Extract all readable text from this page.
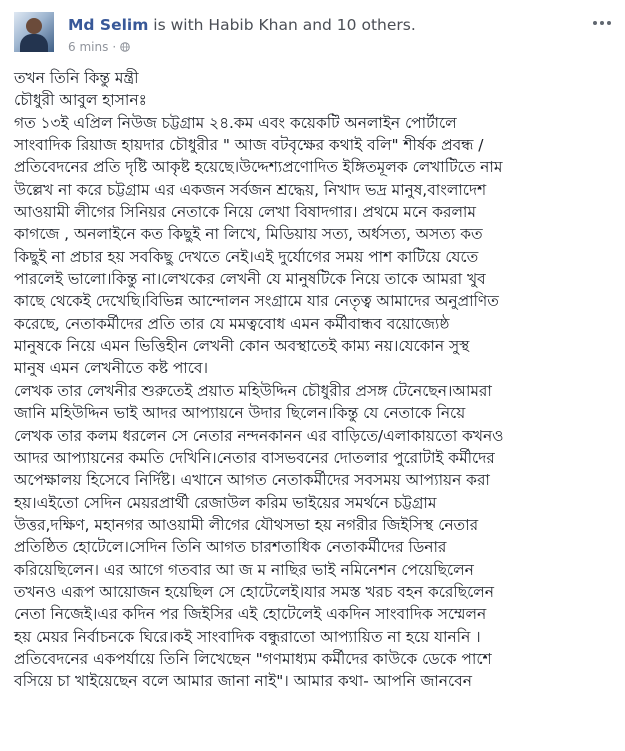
Md Selim is with Habib Khan and 10 others.
6 mins ·

তখন তিনি কিন্তু মন্ত্রী

চৌধুরী আবুল হাসানঃ

গত ১৩ই এপ্রিল নিউজ চট্টগ্রাম ২৪.কম এবং কয়েকটি অনলাইন পোর্টালে

সাংবাদিক রিয়াজ হায়দার চৌধুরীর " আজ বটবৃক্ষের কথাই বলি" শীর্ষক প্রবন্ধ /

প্রতিবেদনের প্রতি দৃষ্টি আকৃষ্ট হয়েছে।উদ্দেশ্যপ্রণোদিত ইঙ্গিতমূলক লেখাটিতে নাম

উল্লেখ না করে চট্টগ্রাম এর একজন সর্বজন শ্রদ্ধেয়, নিখাদ ভদ্র মানুষ,বাংলাদেশ

আওয়ামী লীগের সিনিয়র নেতাকে নিয়ে লেখা বিষাদগার। প্রথমে মনে করলাম

কাগজে , অনলাইনে কত কিছুই না লিখে, মিডিয়ায় সত্য, অর্ধসত্য, অসত্য কত

কিছুই না প্রচার হয় সবকিছু দেখতে নেই।এই দুর্যোগের সময় পাশ কাটিয়ে যেতে

পারলেই ভালো।কিন্তু না।লেখকের লেখনী যে মানুষটিকে নিয়ে তাকে আমরা খুব

কাছে থেকেই দেখেছি।বিভিন্ন আন্দোলন সংগ্রামে যার নেতৃত্ব আমাদের অনুপ্রাণিত

করেছে, নেতাকর্মীদের প্রতি তার যে মমত্ববোধ এমন কর্মীবান্ধব বয়োজ্যেষ্ঠ

মানুষকে নিয়ে এমন ভিত্তিহীন লেখনী কোন অবস্থাতেই কাম্য নয়।যেকোন সুস্থ

মানুষ এমন লেখনীতে কষ্ট পাবে।

লেখক তার লেখনীর শুরুতেই প্রয়াত মহিউদ্দিন চৌধুরীর প্রসঙ্গ টেনেছেন।আমরা

জানি মহিউদ্দিন ভাই আদর আপ্যায়নে উদার ছিলেন।কিন্তু যে নেতাকে নিয়ে

লেখক তার কলম ধরলেন সে নেতার নন্দনকানন এর বাড়িতে/এলাকায়তো কখনও

আদর আপ্যায়নের কমতি দেখিনি।নেতার বাসভবনের দোতলার পুরোটাই কর্মীদের

অপেক্ষালয় হিসেবে নির্দিষ্ট। এখানে আগত নেতাকর্মীদের সবসময় আপ্যায়ন করা

হয়।এইতো সেদিন মেয়রপ্রার্থী রেজাউল করিম ভাইয়ের সমর্থনে চট্টগ্রাম

উত্তর,দক্ষিণ, মহানগর আওয়ামী লীগের যৌথসভা হয় নগরীর জিইসিস্থ নেতার

প্রতিষ্ঠিত হোটেলে।সেদিন তিনি আগত চারশতাধিক নেতাকর্মীদের ডিনার

করিয়েছিলেন। এর আগে গতবার আ জ ম নাছির ভাই নমিনেশন পেয়েছিলেন

তখনও এরূপ আয়োজন হয়েছিল সে হোটেলেই।যার সমস্ত খরচ বহন করেছিলেন

নেতা নিজেই।এর কদিন পর জিইসির এই হোটেলেই একদিন সাংবাদিক সম্মেলন

হয় মেয়র নির্বাচনকে ঘিরে।কই সাংবাদিক বন্ধুরাতো আপ্যায়িত না হয়ে যাননি ।

প্রতিবেদনের একপর্যায়ে তিনি লিখেছেন "গণমাধ্যম কর্মীদের কাউকে ডেকে পাশে

বসিয়ে চা খাইয়েছেন বলে আমার জানা নাই"। আমার কথা- আপনি জানবেন
